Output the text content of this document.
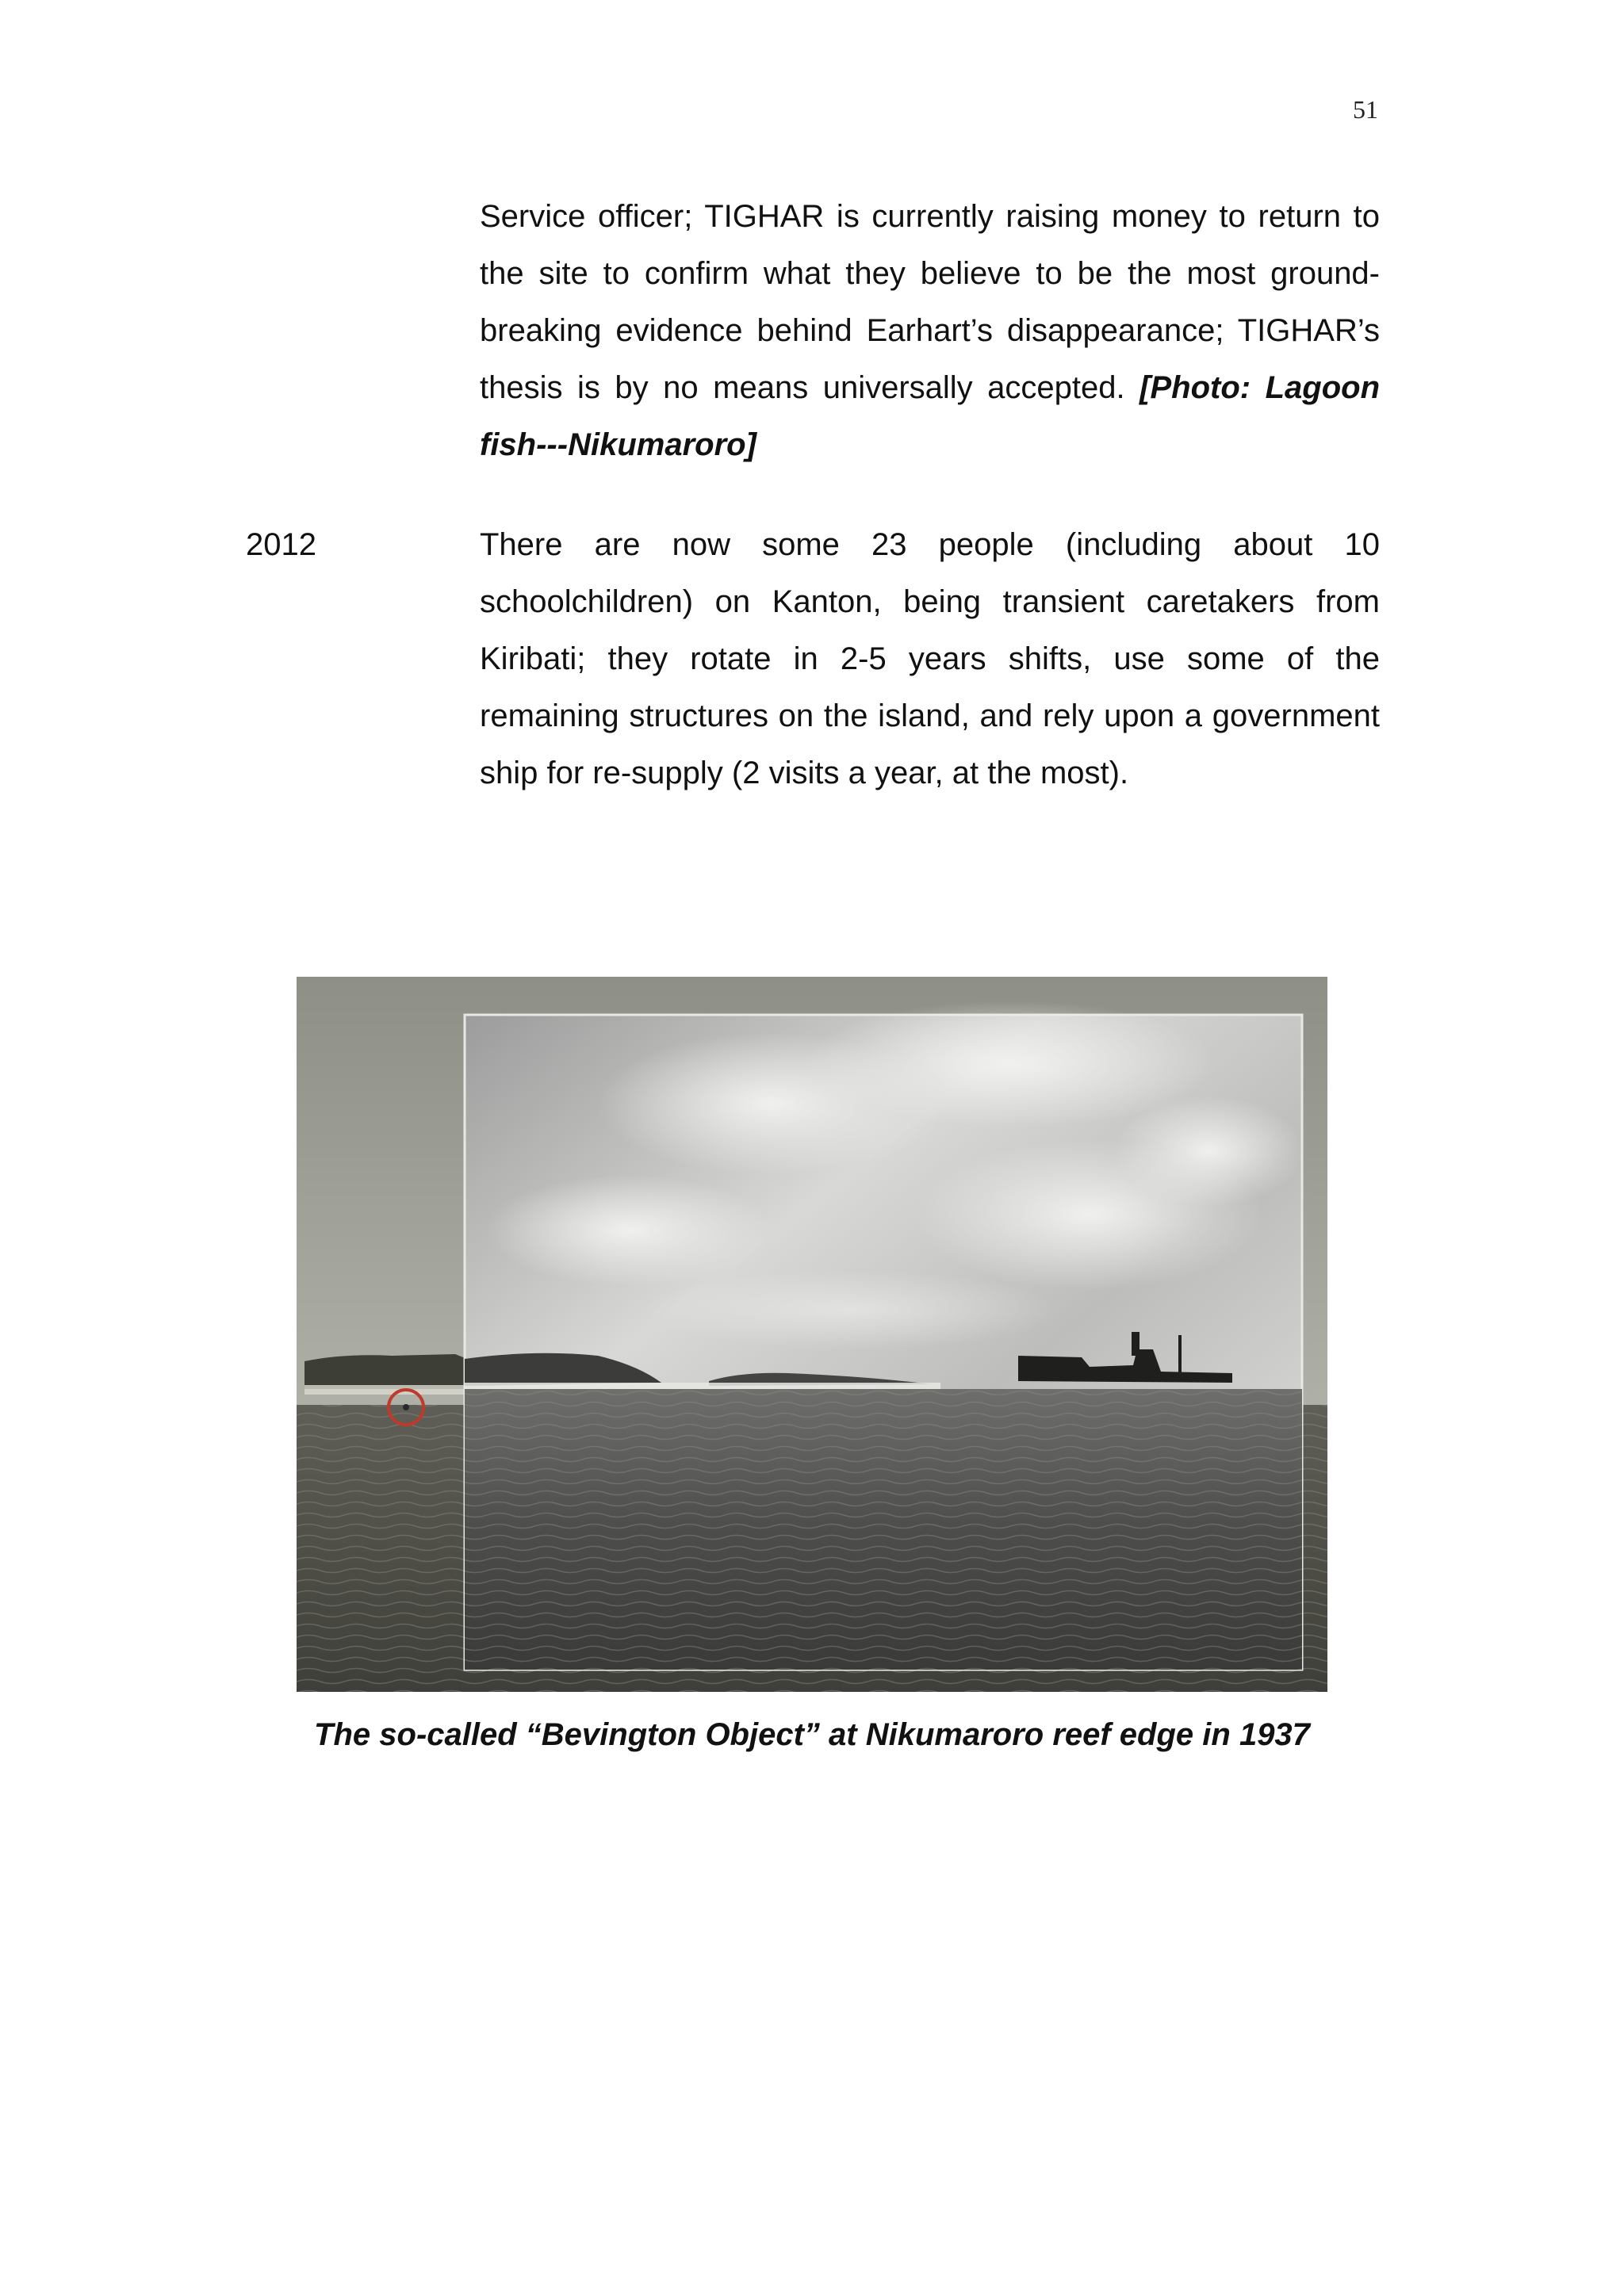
51

Service officer; TIGHAR is currently raising money to return to the site to confirm what they believe to be the most ground-breaking evidence behind Earhart’s disappearance; TIGHAR’s thesis is by no means universally accepted. [Photo: Lagoon fish---Nikumaroro]

2012	There are now some 23 people (including about 10 schoolchildren) on Kanton, being transient caretakers from Kiribati; they rotate in 2-5 years shifts, use some of the remaining structures on the island, and rely upon a government ship for re-supply (2 visits a year, at the most).

The so-called “Bevington Object” at Nikumaroro reef edge in 1937
